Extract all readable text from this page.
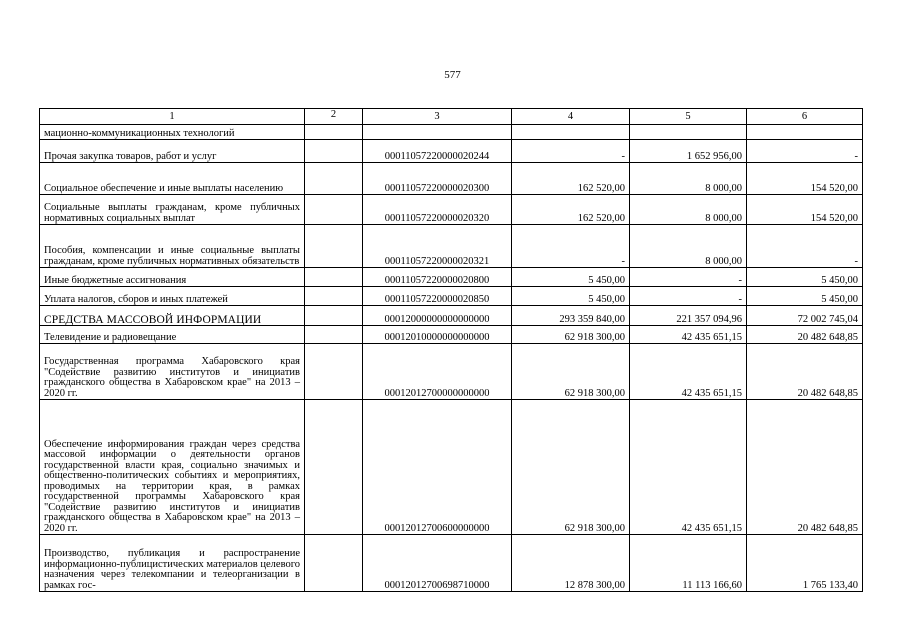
577
1	2	3	4	5	6
мационно-коммуникационных технологий					
Прочая закупка товаров, работ и услуг		00011057220000020244	-	1 652 956,00	-
Социальное обеспечение и иные выплаты населению		00011057220000020300	162 520,00	8 000,00	154 520,00
Социальные выплаты гражданам, кроме публичных нормативных социальных выплат		00011057220000020320	162 520,00	8 000,00	154 520,00
Пособия, компенсации и иные социальные выплаты гражданам, кроме публичных нормативных обязательств		00011057220000020321	-	8 000,00	-
Иные бюджетные ассигнования		00011057220000020800	5 450,00	-	5 450,00
Уплата налогов, сборов и иных платежей		00011057220000020850	5 450,00	-	5 450,00
СРЕДСТВА МАССОВОЙ ИНФОРМАЦИИ		00012000000000000000	293 359 840,00	221 357 094,96	72 002 745,04
Телевидение и радиовещание		00012010000000000000	62 918 300,00	42 435 651,15	20 482 648,85
Государственная программа Хабаровского края "Содействие развитию институтов и инициатив гражданского общества в Хабаровском крае" на 2013 – 2020 гг.		00012012700000000000	62 918 300,00	42 435 651,15	20 482 648,85
Обеспечение информирования граждан через средства массовой информации о деятельности органов государственной власти края, социально значимых и общественно-политических событиях и мероприятиях, проводимых на территории края, в рамках государственной программы Хабаровского края "Содействие развитию институтов и инициатив гражданского общества в Хабаровском крае" на 2013 – 2020 гг.		00012012700600000000	62 918 300,00	42 435 651,15	20 482 648,85
Производство, публикация и распространение информационно-публицистических материалов целевого назначения через телекомпании и телеорганизации в рамках гос-		00012012700698710000	12 878 300,00	11 113 166,60	1 765 133,40
